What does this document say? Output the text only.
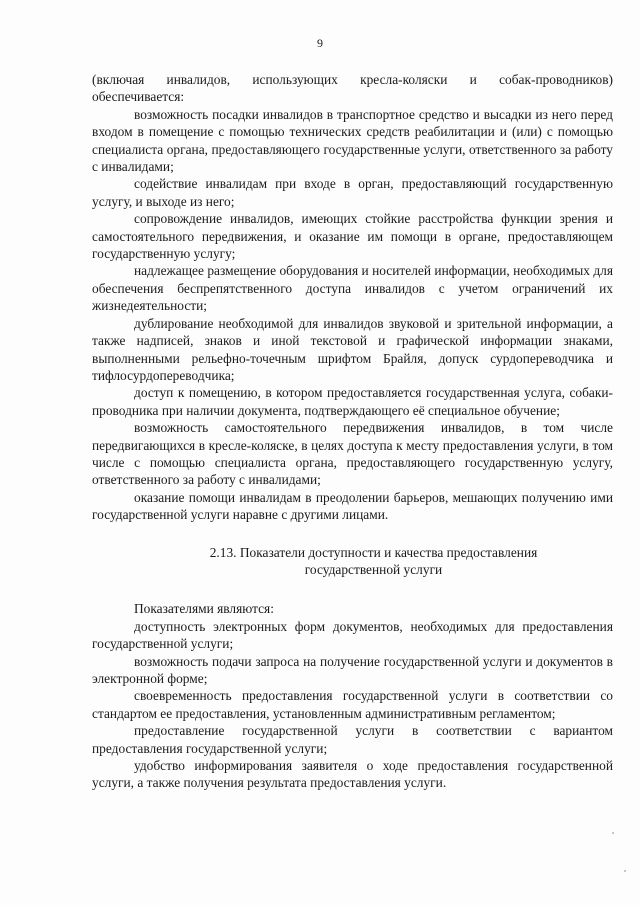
9

(включая инвалидов, использующих кресла-коляски и собак-проводников) обеспечивается:

возможность посадки инвалидов в транспортное средство и высадки из него перед входом в помещение с помощью технических средств реабилитации и (или) с помощью специалиста органа, предоставляющего государственные услуги, ответственного за работу с инвалидами;

содействие инвалидам при входе в орган, предоставляющий государственную услугу, и выходе из него;

сопровождение инвалидов, имеющих стойкие расстройства функции зрения и самостоятельного передвижения, и оказание им помощи в органе, предоставляющем государственную услугу;

надлежащее размещение оборудования и носителей информации, необходимых для обеспечения беспрепятственного доступа инвалидов с учетом ограничений их жизнедеятельности;

дублирование необходимой для инвалидов звуковой и зрительной информации, а также надписей, знаков и иной текстовой и графической информации знаками, выполненными рельефно-точечным шрифтом Брайля, допуск сурдопереводчика и тифлосурдопереводчика;

доступ к помещению, в котором предоставляется государственная услуга, собаки-проводника при наличии документа, подтверждающего её специальное обучение;

возможность самостоятельного передвижения инвалидов, в том числе передвигающихся в кресле-коляске, в целях доступа к месту предоставления услуги, в том числе с помощью специалиста органа, предоставляющего государственную услугу, ответственного за работу с инвалидами;

оказание помощи инвалидам в преодолении барьеров, мешающих получению ими государственной услуги наравне с другими лицами.

2.13. Показатели доступности и качества предоставления
государственной услуги

Показателями являются:

доступность электронных форм документов, необходимых для предоставления государственной услуги;

возможность подачи запроса на получение государственной услуги и документов в электронной форме;

своевременность предоставления государственной услуги в соответствии со стандартом ее предоставления, установленным административным регламентом;

предоставление государственной услуги в соответствии с вариантом предоставления государственной услуги;

удобство информирования заявителя о ходе предоставления государственной услуги, а также получения результата предоставления услуги.
